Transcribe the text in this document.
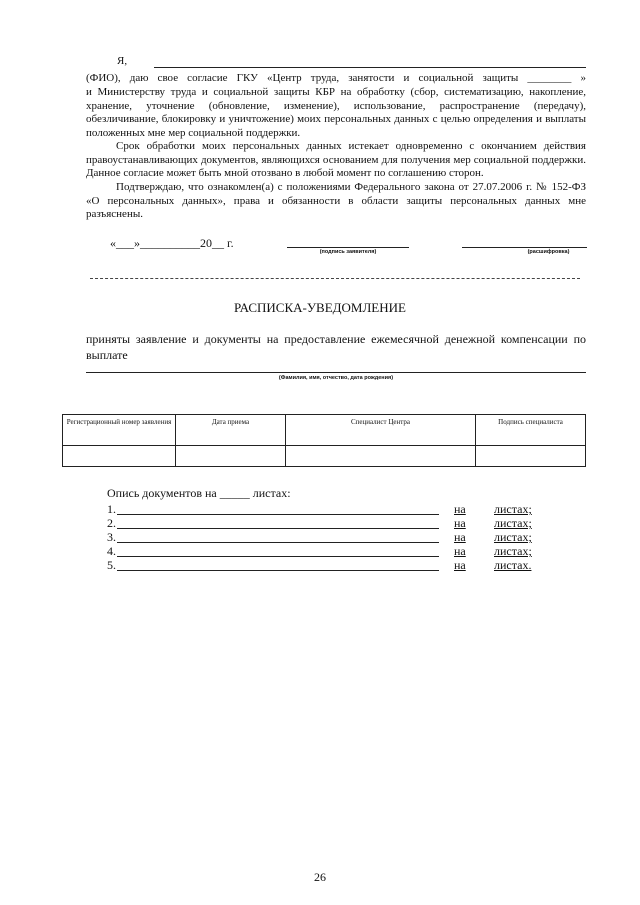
Я,
(ФИО), даю свое согласие ГКУ «Центр труда, занятости и социальной защиты ________ »
и Министерству труда и социальной защиты КБР на обработку (сбор, систематизацию, накопление, хранение, уточнение (обновление, изменение), использование, распространение (передачу), обезличивание, блокировку и уничтожение) моих персональных данных с целью определения и выплаты положенных мне мер социальной поддержки.
Срок обработки моих персональных данных истекает одновременно с окончанием действия правоустанавливающих документов, являющихся основанием для получения мер социальной поддержки. Данное согласие может быть мной отозвано в любой момент по соглашению сторон.
Подтверждаю, что ознакомлен(а) с положениями Федерального закона от 27.07.2006 г. № 152-ФЗ «О персональных данных», права и обязанности в области защиты персональных данных мне разъяснены.
«___»__________20__ г.
(подпись заявителя)	(расшифровка)
РАСПИСКА-УВЕДОМЛЕНИЕ
приняты заявление и документы на предоставление ежемесячной денежной компенсации по выплате
(Фамилия, имя, отчество, дата рождения)
Регистрационный номер заявления	Дата приема	Специалист Центра	Подпись специалиста

Опись документов на _____ листах:
1.	на листах;
2.	на листах;
3.	на листах;
4.	на листах;
5.	на листах.
26
